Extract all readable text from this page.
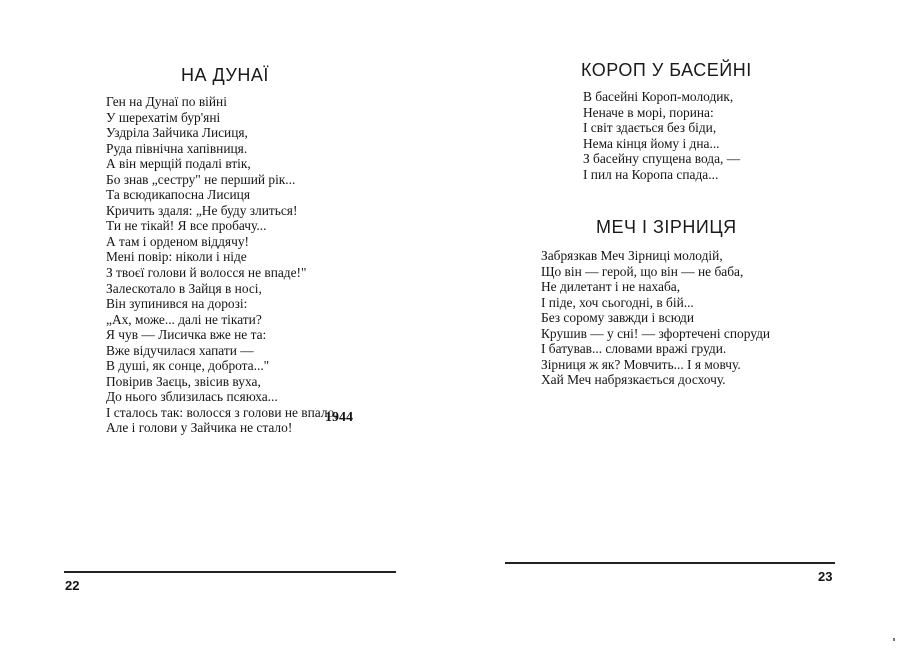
НА ДУНАЇ
Ген на Дунаї по війні
У шерехатім бур'яні
Уздріла Зайчика Лисиця,
Руда північна хапівниця.
А він мерщій подалі втік,
Бо знав „сестру" не перший рік...
Та всюдикапосна Лисиця
Кричить здаля: „Не буду злиться!
Ти не тікай! Я все пробачу...
А там і орденом віддячу!
Мені повір: ніколи і ніде
З твоєї голови й волосся не впаде!"
Залескотало в Зайця в носі,
Він зупинився на дорозі:
„Ах, може... далі не тікати?
Я чув — Лисичка вже не та:
Вже відучилася хапати —
В душі, як сонце, доброта..."
Повірив Заєць, звісив вуха,
До нього зблизилась псяюха...
І сталось так: волосся з голови не впало,
Але і голови у Зайчика не стало!
1944
22
КОРОП У БАСЕЙНІ
В басейні Короп-молодик,
Неначе в морі, порина:
І світ здається без біди,
Нема кінця йому і дна...
З басейну спущена вода, —
І пил на Коропа спада...
МЕЧ І ЗІРНИЦЯ
Забрязкав Меч Зірниці молодій,
Що він — герой, що він — не баба,
Не дилетант і не нахаба,
І піде, хоч сьогодні, в бій...
Без сорому завжди і всюди
Крушив — у сні! — зфортечені споруди
І батував... словами вражі груди.
Зірниця ж як? Мовчить... І я мовчу.
Хай Меч набрязкається досхочу.
23
